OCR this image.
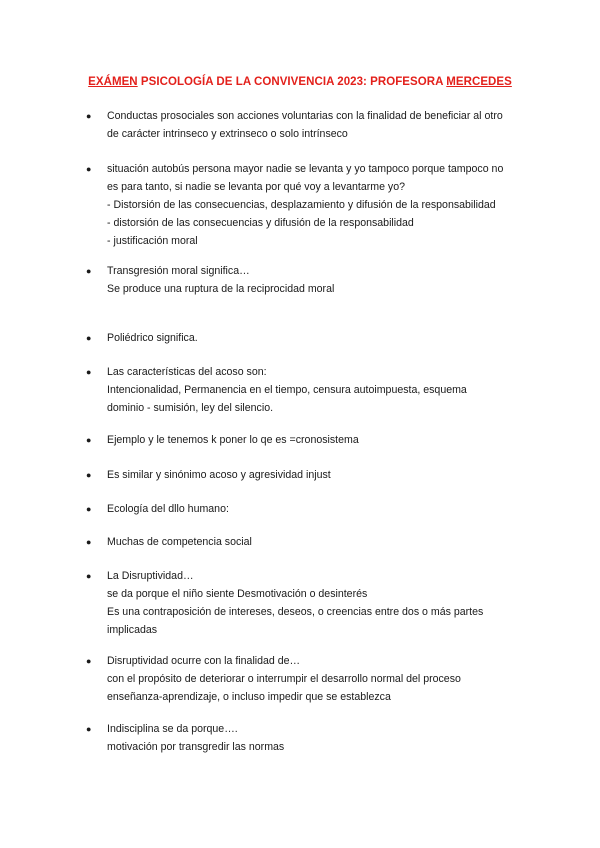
EXÁMEN PSICOLOGÍA DE LA CONVIVENCIA 2023: PROFESORA MERCEDES
● Conductas prosociales son acciones voluntarias con la finalidad de beneficiar al otro
de carácter intrinseco y extrinseco o solo intrínseco
● situación autobús persona mayor nadie se levanta y yo tampoco porque tampoco no
es para tanto, si nadie se levanta por qué voy a levantarme yo?
- Distorsión de las consecuencias, desplazamiento y difusión de la responsabilidad
- distorsión de las consecuencias y difusión de la responsabilidad
- justificación moral
● Transgresión moral significa…
Se produce una ruptura de la reciprocidad moral
● Poliédrico significa.
● Las características del acoso son:
Intencionalidad, Permanencia en el tiempo, censura autoimpuesta, esquema
dominio - sumisión, ley del silencio.
● Ejemplo y le tenemos k poner lo qe es =cronosistema
● Es similar y sinónimo acoso y agresividad injust
● Ecología del dllo humano:
● Muchas de competencia social
● La Disruptividad…
se da porque el niño siente Desmotivación o desinterés
Es una contraposición de intereses, deseos, o creencias entre dos o más partes
implicadas
● Disruptividad ocurre con la finalidad de…
con el propósito de deteriorar o interrumpir el desarrollo normal del proceso
enseñanza-aprendizaje, o incluso impedir que se establezca
● Indisciplina se da porque….
motivación por transgredir las normas
